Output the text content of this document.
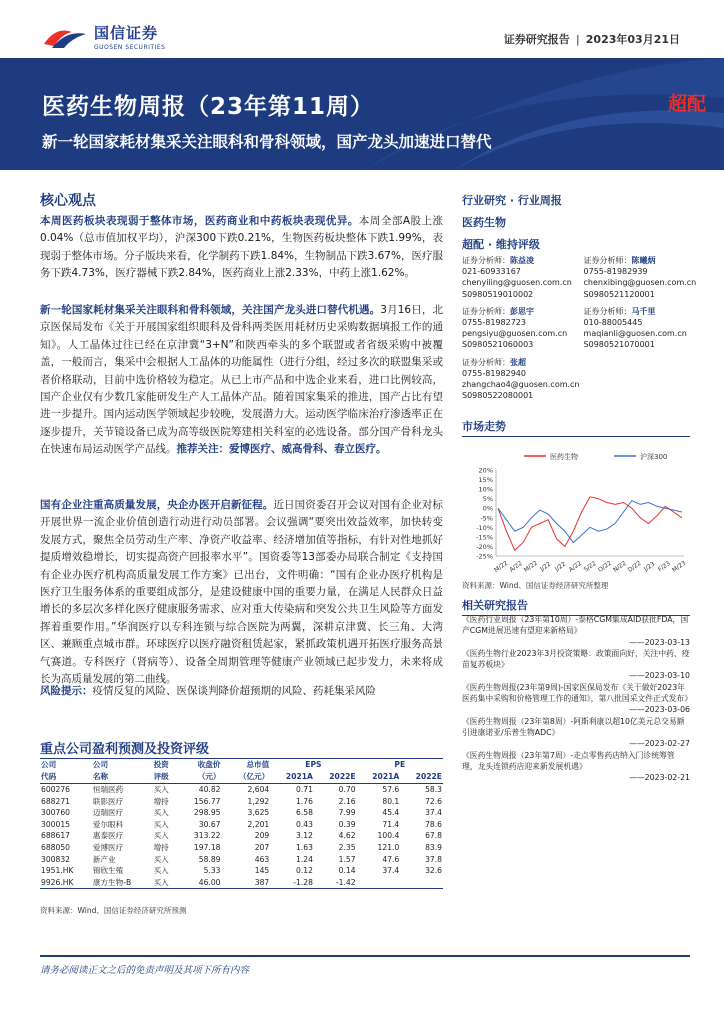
国信证券
GUOSEN SECURITIES
证券研究报告 | 2023年03月21日
医药生物周报（23年第11周）
新一轮国家耗材集采关注眼科和骨科领域，国产龙头加速进口替代
超配
核心观点
本周医药板块表现弱于整体市场，医药商业和中药板块表现优异。本周全部A股上涨0.04%（总市值加权平均），沪深300下跌0.21%，生物医药板块整体下跌1.99%，表现弱于整体市场。分子版块来看，化学制药下跌1.84%，生物制品下跌3.67%，医疗服务下跌4.73%，医疗器械下跌2.84%，医药商业上涨2.33%，中药上涨1.62%。
新一轮国家耗材集采关注眼科和骨科领域，关注国产龙头进口替代机遇。3月16日，北京医保局发布《关于开展国家组织眼科及骨科两类医用耗材历史采购数据填报工作的通知》。人工晶体过往已经在京津冀“3+N”和陕西牵头的多个联盟或者省级采购中被覆盖，一般而言，集采中会根据人工晶体的功能属性（进行分组，经过多次的联盟集采或者价格联动，目前中选价格较为稳定。从已上市产品和中选企业来看，进口比例较高，国产企业仅有少数几家能研发生产人工晶体产品。随着国家集采的推进，国产占比有望进一步提升。国内运动医学领域起步较晚，发展潜力大。运动医学临床治疗渗透率正在逐步提升，关节镜设备已成为高等级医院筹建相关科室的必选设备。部分国产骨科龙头在快速布局运动医学产品线。推荐关注：爱博医疗、威高骨科、春立医疗。
国有企业注重高质量发展，央企办医开启新征程。近日国资委召开会议对国有企业对标开展世界一流企业价值创造行动进行动员部署。会议强调“要突出效益效率，加快转变发展方式，聚焦全员劳动生产率、净资产收益率、经济增加值等指标，有针对性地抓好提质增效稳增长，切实提高资产回报率水平”。国资委等13部委办局联合制定《支持国有企业办医疗机构高质量发展工作方案》已出台，文件明确：“国有企业办医疗机构是医疗卫生服务体系的重要组成部分，是建设健康中国的重要力量，在满足人民群众日益增长的多层次多样化医疗健康服务需求、应对重大传染病和突发公共卫生风险等方面发挥着重要作用。”华润医疗以专科连锁与综合医院为两翼，深耕京津冀、长三角、大湾区、兼顾重点城市群。环球医疗以医疗融资租赁起家，紧抓政策机遇开拓医疗服务高景气赛道。专科医疗（肾病等）、设备全周期管理等健康产业领域已起步发力，未来将成长为高质量发展的第二曲线。
风险提示：疫情反复的风险、医保谈判降价超预期的风险、药耗集采风险
行业研究 · 行业周报
医药生物
超配 · 维持评级
证券分析师：陈益凌
021-60933167
chenyiling@guosen.com.cn
S0980519010002
证券分析师：陈曦炳
0755-81982939
chenxibing@guosen.com.cn
S0980521120001
证券分析师：彭思宇
0755-81982723
pengsiyu@guosen.com.cn
S0980521060003
证券分析师：马千里
010-88005445
maqianli@guosen.com.cn
S0980521070001
证券分析师：张超
0755-81982940
zhangchao4@guosen.com.cn
S0980522080001
市场走势
医药生物	沪深300
20%
15%
10%
5%
0%
-5%
-10%
-15%
-20%
-25%
M/22 A/22 M/22 J/22 J/22 A/22 S/22 O/22 N/22 D/22 J/23 F/23 M/23
资料来源：Wind、国信证券经济研究所整理
相关研究报告
《医药行业周报（23年第10周）-泰格CGM集成AID获批FDA，国产CGM进展迅速有望迎来新格局》
——2023-03-13
《医药生物行业2023年3月投资策略：政策面向好，关注中药、疫苗复苏板块》
——2023-03-10
《医药生物周报(23年第9周)-国家医保局发布《关于做好2023年医药集中采购和价格管理工作的通知》，第八批国采文件正式发布》
——2023-03-06
《医药生物周报（23年第8周）-阿斯利康以超10亿美元总交易额引进康诺亚/乐普生物ADC》
——2023-02-27
《医药生物周报（23年第7周）-走点零售药店纳入门诊统筹管理，龙头连锁药店迎来新发展机遇》
——2023-02-21
重点公司盈利预测及投资评级
公司	公司	投资	收盘价	总市值	EPS		PE	
代码	名称	评级	（元）	（亿元）	2021A	2022E	2021A	2022E
600276	恒瑞医药	买入	40.82	2,604	0.71	0.70	57.6	58.3
688271	联影医疗	增持	156.77	1,292	1.76	2.16	80.1	72.6
300760	迈瑞医疗	买入	298.95	3,625	6.58	7.99	45.4	37.4
300015	爱尔眼科	买入	30.67	2,201	0.43	0.39	71.4	78.6
688617	惠泰医疗	买入	313.22	209	3.12	4.62	100.4	67.8
688050	爱博医疗	增持	197.18	207	1.63	2.35	121.0	83.9
300832	新产业	买入	58.89	463	1.24	1.57	47.6	37.8
1951.HK	锦欣生殖	买入	5.33	145	0.12	0.14	37.4	32.6
9926.HK	康方生物-B	买入	46.00	387	-1.28	-1.42		
资料来源：Wind、国信证券经济研究所预测
请务必阅读正文之后的免责声明及其项下所有内容
